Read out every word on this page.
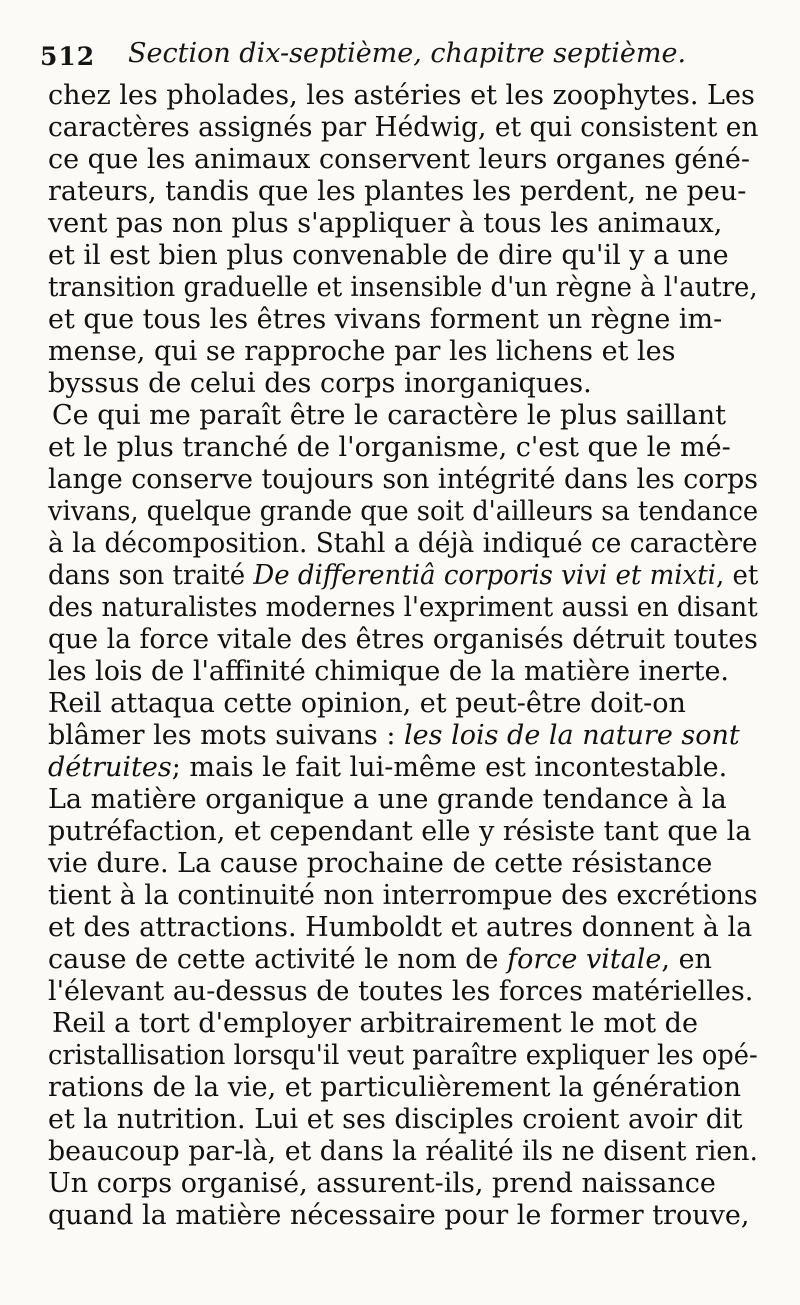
512 Section dix-septième, chapitre septième.
chez les pholades, les astéries et les zoophytes. Les
caractères assignés par Hédwig, et qui consistent en
ce que les animaux conservent leurs organes géné-
rateurs, tandis que les plantes les perdent, ne peu-
vent pas non plus s'appliquer à tous les animaux,
et il est bien plus convenable de dire qu'il y a une
transition graduelle et insensible d'un règne à l'autre,
et que tous les êtres vivans forment un règne im-
mense, qui se rapproche par les lichens et les
byssus de celui des corps inorganiques.
Ce qui me paraît être le caractère le plus saillant
et le plus tranché de l'organisme, c'est que le mé-
lange conserve toujours son intégrité dans les corps
vivans, quelque grande que soit d'ailleurs sa tendance
à la décomposition. Stahl a déjà indiqué ce caractère
dans son traité De differentiâ corporis vivi et mixti, et
des naturalistes modernes l'expriment aussi en disant
que la force vitale des êtres organisés détruit toutes
les lois de l'affinité chimique de la matière inerte.
Reil attaqua cette opinion, et peut-être doit-on
blâmer les mots suivans : les lois de la nature sont
détruites; mais le fait lui-même est incontestable.
La matière organique a une grande tendance à la
putréfaction, et cependant elle y résiste tant que la
vie dure. La cause prochaine de cette résistance
tient à la continuité non interrompue des excrétions
et des attractions. Humboldt et autres donnent à la
cause de cette activité le nom de force vitale, en
l'élevant au-dessus de toutes les forces matérielles.
Reil a tort d'employer arbitrairement le mot de
cristallisation lorsqu'il veut paraître expliquer les opé-
rations de la vie, et particulièrement la génération
et la nutrition. Lui et ses disciples croient avoir dit
beaucoup par-là, et dans la réalité ils ne disent rien.
Un corps organisé, assurent-ils, prend naissance
quand la matière nécessaire pour le former trouve,
